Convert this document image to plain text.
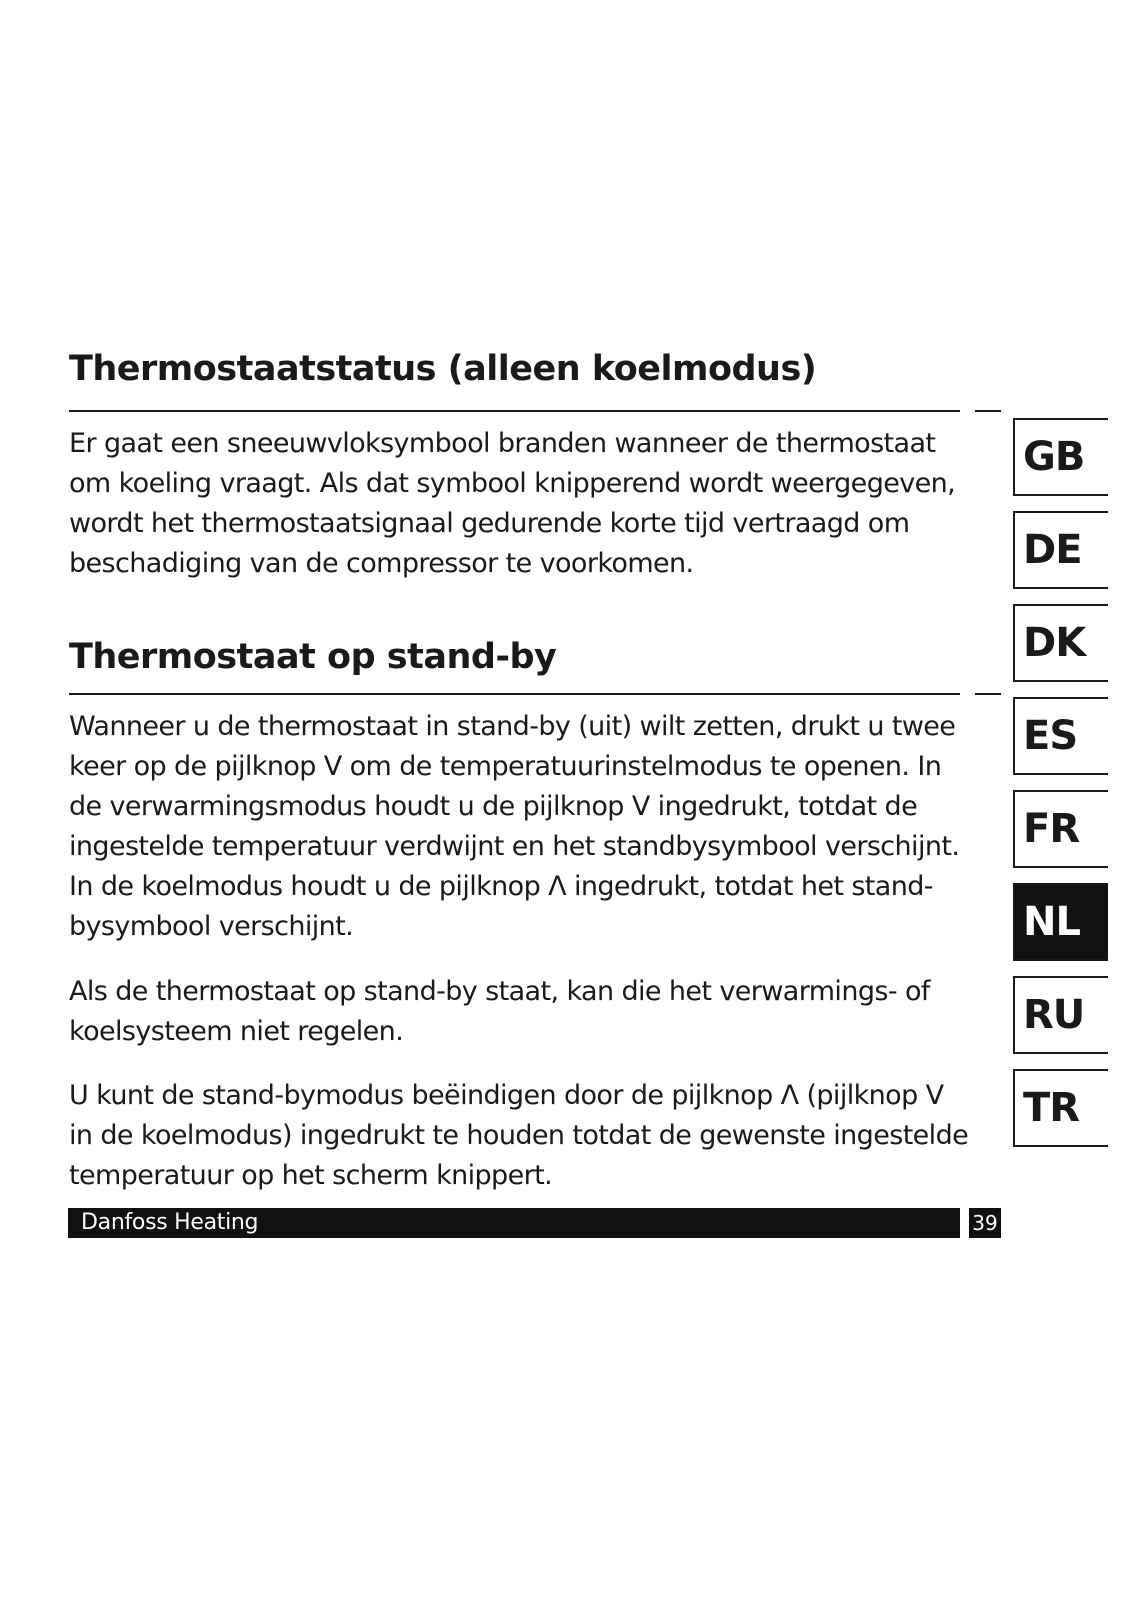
Thermostaatstatus (alleen koelmodus)

Er gaat een sneeuwvloksymbool branden wanneer de thermostaat om koeling vraagt. Als dat symbool knipperend wordt weergegeven, wordt het thermostaatsignaal gedurende korte tijd vertraagd om beschadiging van de compressor te voorkomen.

Thermostaat op stand-by

Wanneer u de thermostaat in stand-by (uit) wilt zetten, drukt u twee keer op de pijlknop V om de temperatuurinstelmodus te openen. In de verwarmingsmodus houdt u de pijlknop V ingedrukt, totdat de ingestelde temperatuur verdwijnt en het standbysymbool verschijnt. In de koelmodus houdt u de pijlknop Λ ingedrukt, totdat het stand-bysymbool verschijnt.

Als de thermostaat op stand-by staat, kan die het verwarmings- of koelsysteem niet regelen.

U kunt de stand-bymodus beëindigen door de pijlknop Λ (pijlknop V in de koelmodus) ingedrukt te houden totdat de gewenste ingestelde temperatuur op het scherm knippert.

Danfoss Heating	39
GB
DE
DK
ES
FR
NL
RU
TR
